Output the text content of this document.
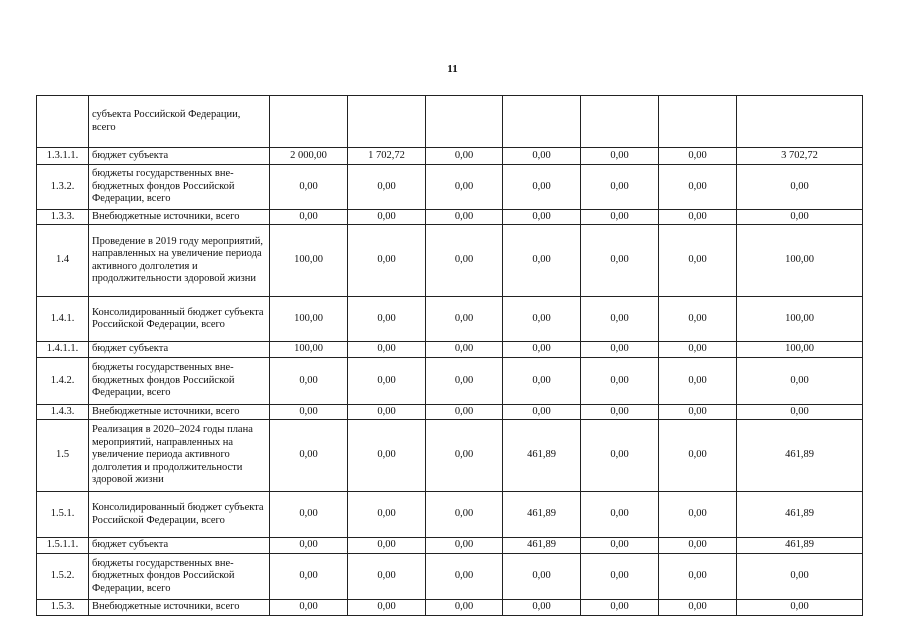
11
	субъекта Российской Федерации, всего							
1.3.1.1.	бюджет субъекта	2 000,00	1 702,72	0,00	0,00	0,00	0,00	3 702,72
1.3.2.	бюджеты государственных вне-бюджетных фондов Российской Федерации, всего	0,00	0,00	0,00	0,00	0,00	0,00	0,00
1.3.3.	Внебюджетные источники, всего	0,00	0,00	0,00	0,00	0,00	0,00	0,00
1.4	Проведение в 2019 году мероприятий, направленных на увеличение периода активного долголетия и продолжительности здоровой жизни	100,00	0,00	0,00	0,00	0,00	0,00	100,00
1.4.1.	Консолидированный бюджет субъекта Российской Федерации, всего	100,00	0,00	0,00	0,00	0,00	0,00	100,00
1.4.1.1.	бюджет субъекта	100,00	0,00	0,00	0,00	0,00	0,00	100,00
1.4.2.	бюджеты государственных вне-бюджетных фондов Российской Федерации, всего	0,00	0,00	0,00	0,00	0,00	0,00	0,00
1.4.3.	Внебюджетные источники, всего	0,00	0,00	0,00	0,00	0,00	0,00	0,00
1.5	Реализация в 2020–2024 годы плана мероприятий, направленных на увеличение периода активного долголетия и продолжительности здоровой жизни	0,00	0,00	0,00	461,89	0,00	0,00	461,89
1.5.1.	Консолидированный бюджет субъекта Российской Федерации, всего	0,00	0,00	0,00	461,89	0,00	0,00	461,89
1.5.1.1.	бюджет субъекта	0,00	0,00	0,00	461,89	0,00	0,00	461,89
1.5.2.	бюджеты государственных вне-бюджетных фондов Российской Федерации, всего	0,00	0,00	0,00	0,00	0,00	0,00	0,00
1.5.3.	Внебюджетные источники, всего	0,00	0,00	0,00	0,00	0,00	0,00	0,00
